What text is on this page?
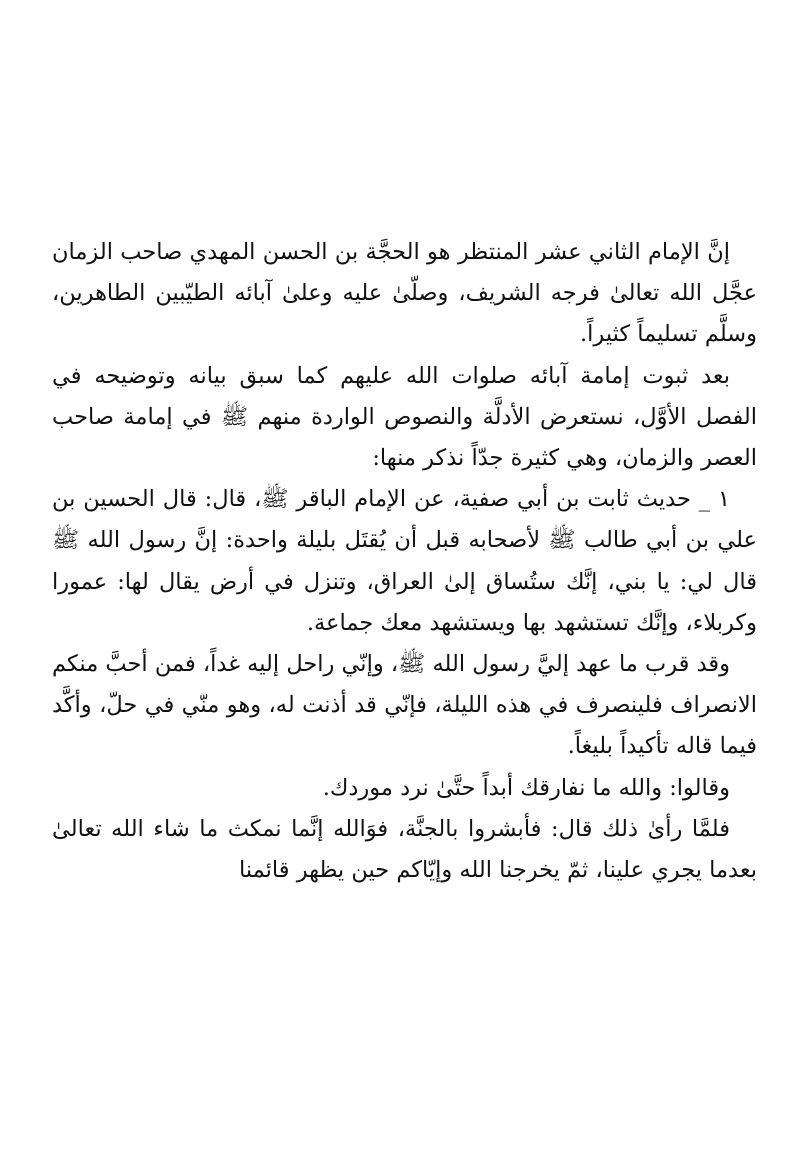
إنَّ الإمام الثاني عشر المنتظر هو الحجَّة بن الحسن المهدي صاحب الزمان عجَّل الله تعالىٰ فرجه الشريف، وصلّىٰ عليه وعلىٰ آبائه الطيّبين الطاهرين، وسلَّم تسليماً كثيراً.

بعد ثبوت إمامة آبائه صلوات الله عليهم كما سبق بيانه وتوضيحه في الفصل الأوَّل، نستعرض الأدلَّة والنصوص الواردة منهم ﷺ في إمامة صاحب العصر والزمان، وهي كثيرة جدّاً نذكر منها:

١ _ حديث ثابت بن أبي صفية، عن الإمام الباقر ﷺ، قال: قال الحسين بن علي بن أبي طالب ﷺ لأصحابه قبل أن يُقتَل بليلة واحدة: إنَّ رسول الله ﷺ قال لي: يا بني، إنَّك ستُساق إلىٰ العراق، وتنزل في أرض يقال لها: عمورا وكربلاء، وإنَّك تستشهد بها ويستشهد معك جماعة.

وقد قرب ما عهد إليَّ رسول الله ﷺ، وإنّي راحل إليه غداً، فمن أحبَّ منكم الانصراف فلينصرف في هذه الليلة، فإنّي قد أذنت له، وهو منّي في حلّ، وأكَّد فيما قاله تأكيداً بليغاً.

وقالوا: والله ما نفارقك أبداً حتَّىٰ نرد موردك.

فلمَّا رأىٰ ذلك قال: فأبشروا بالجنَّة، فوَالله إنَّما نمكث ما شاء الله تعالىٰ بعدما يجري علينا، ثمّ يخرجنا الله وإيّاكم حين يظهر قائمنا
